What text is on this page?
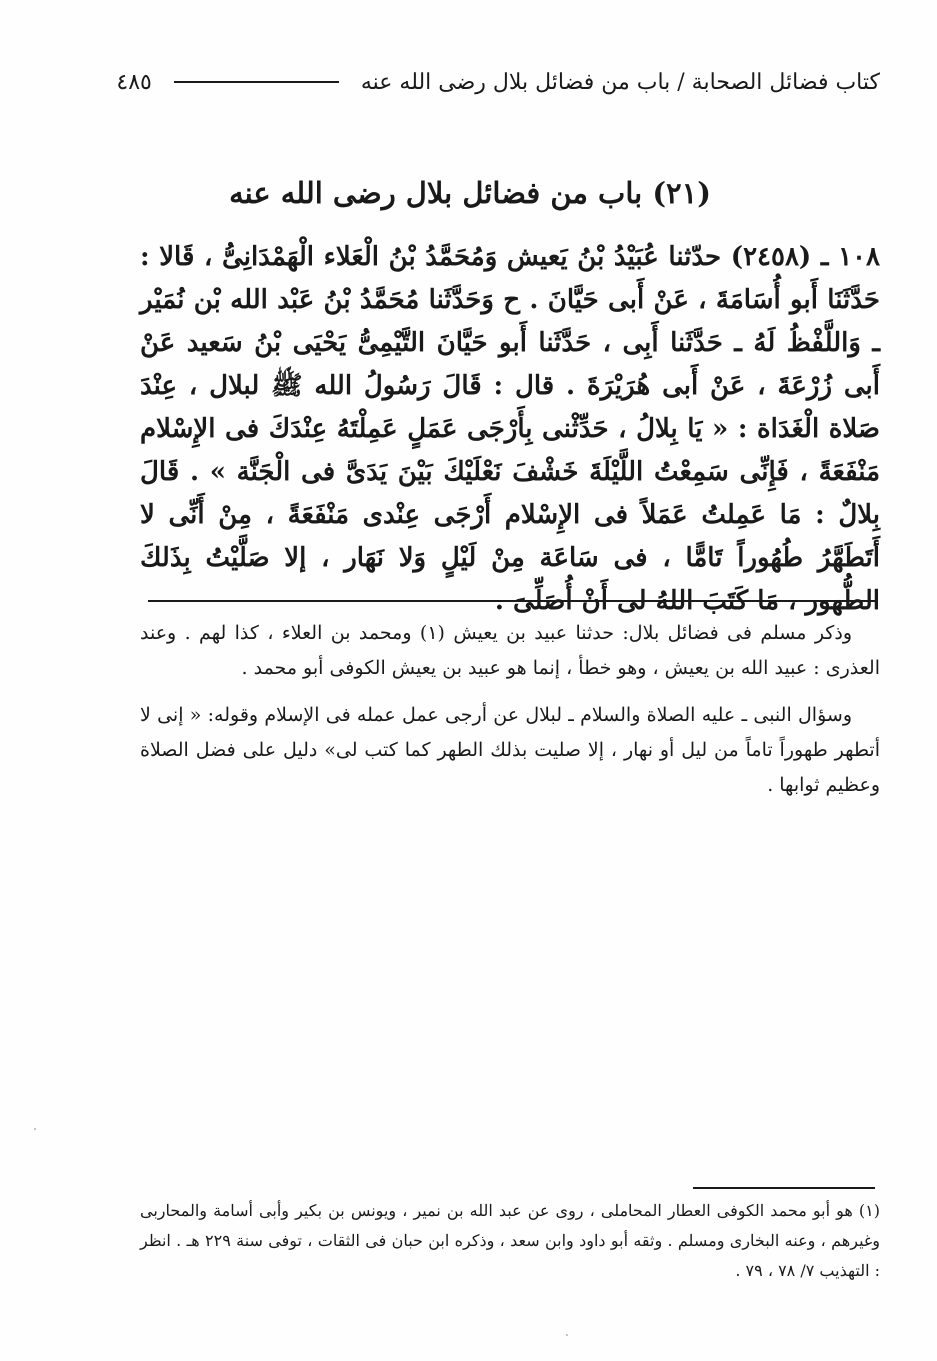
كتاب فضائل الصحابة / باب من فضائل بلال رضى الله عنه
٤٨٥
(٢١) باب من فضائل بلال رضى الله عنه

١٠٨ ـ (٢٤٥٨) حدّثنا عُبَيْدُ بْنُ يَعيش وَمُحَمَّدُ بْنُ الْعَلاء الْهَمْدَانِىُّ ، قَالا : حَدَّثَنَا أَبو أُسَامَةَ ، عَنْ أَبى حَيَّانَ . ح وَحَدَّثَنا مُحَمَّدُ بْنُ عَبْد الله بْن نُمَيْر ـ وَاللَّفْظُ لَهُ ـ حَدَّثَنا أَبِى ، حَدَّثَنا أَبو حَيَّانَ التَّيْمِىُّ يَحْيَى بْنُ سَعيد عَنْ أَبى زُرْعَةَ ، عَنْ أَبى هُرَيْرَةَ . قال : قَالَ رَسُولُ الله ﷺ لبلال ، عِنْدَ صَلاة الْغَدَاة : « يَا بِلالُ ، حَدِّثْنى بِأَرْجَى عَمَلٍ عَمِلْتَهُ عِنْدَكَ فى الإِسْلام مَنْفَعَةً ، فَإِنِّى سَمِعْتُ اللَّيْلَةَ خَشْفَ نَعْلَيْكَ بَيْنَ يَدَىَّ فى الْجَنَّة » . قَالَ بِلالٌ : مَا عَمِلتُ عَمَلاً فى الإِسْلام أَرْجَى عِنْدى مَنْفَعَةً ، مِنْ أَنِّى لا أَتَطَهَّرُ طُهُوراً تَامًّا ، فى سَاعَة مِنْ لَيْلٍ وَلا نَهَار ، إلا صَلَّيْتُ بِذَلكَ الطُّهور ، مَا كَتَبَ اللهُ لى أَنْ أُصَلِّىَ .

وذكر مسلم فى فضائل بلال: حدثنا عبيد بن يعيش (١) ومحمد بن العلاء ، كذا لهم . وعند العذرى : عبيد الله بن يعيش ، وهو خطأ ، إنما هو عبيد بن يعيش الكوفى أبو محمد .

وسؤال النبى ـ عليه الصلاة والسلام ـ لبلال عن أرجى عمل عمله فى الإسلام وقوله: « إنى لا أتطهر طهوراً تاماً من ليل أو نهار ، إلا صليت بذلك الطهر كما كتب لى» دليل على فضل الصلاة وعظيم ثوابها .

(١) هو أبو محمد الكوفى العطار المحاملى ، روى عن عبد الله بن نمير ، ويونس بن بكير وأبى أسامة والمحاربى وغيرهم ، وعنه البخارى ومسلم . وثقه أبو داود وابن سعد ، وذكره ابن حبان فى الثقات ، توفى سنة ٢٢٩ هـ . انظر : التهذيب ٧/ ٧٨ ، ٧٩ .
